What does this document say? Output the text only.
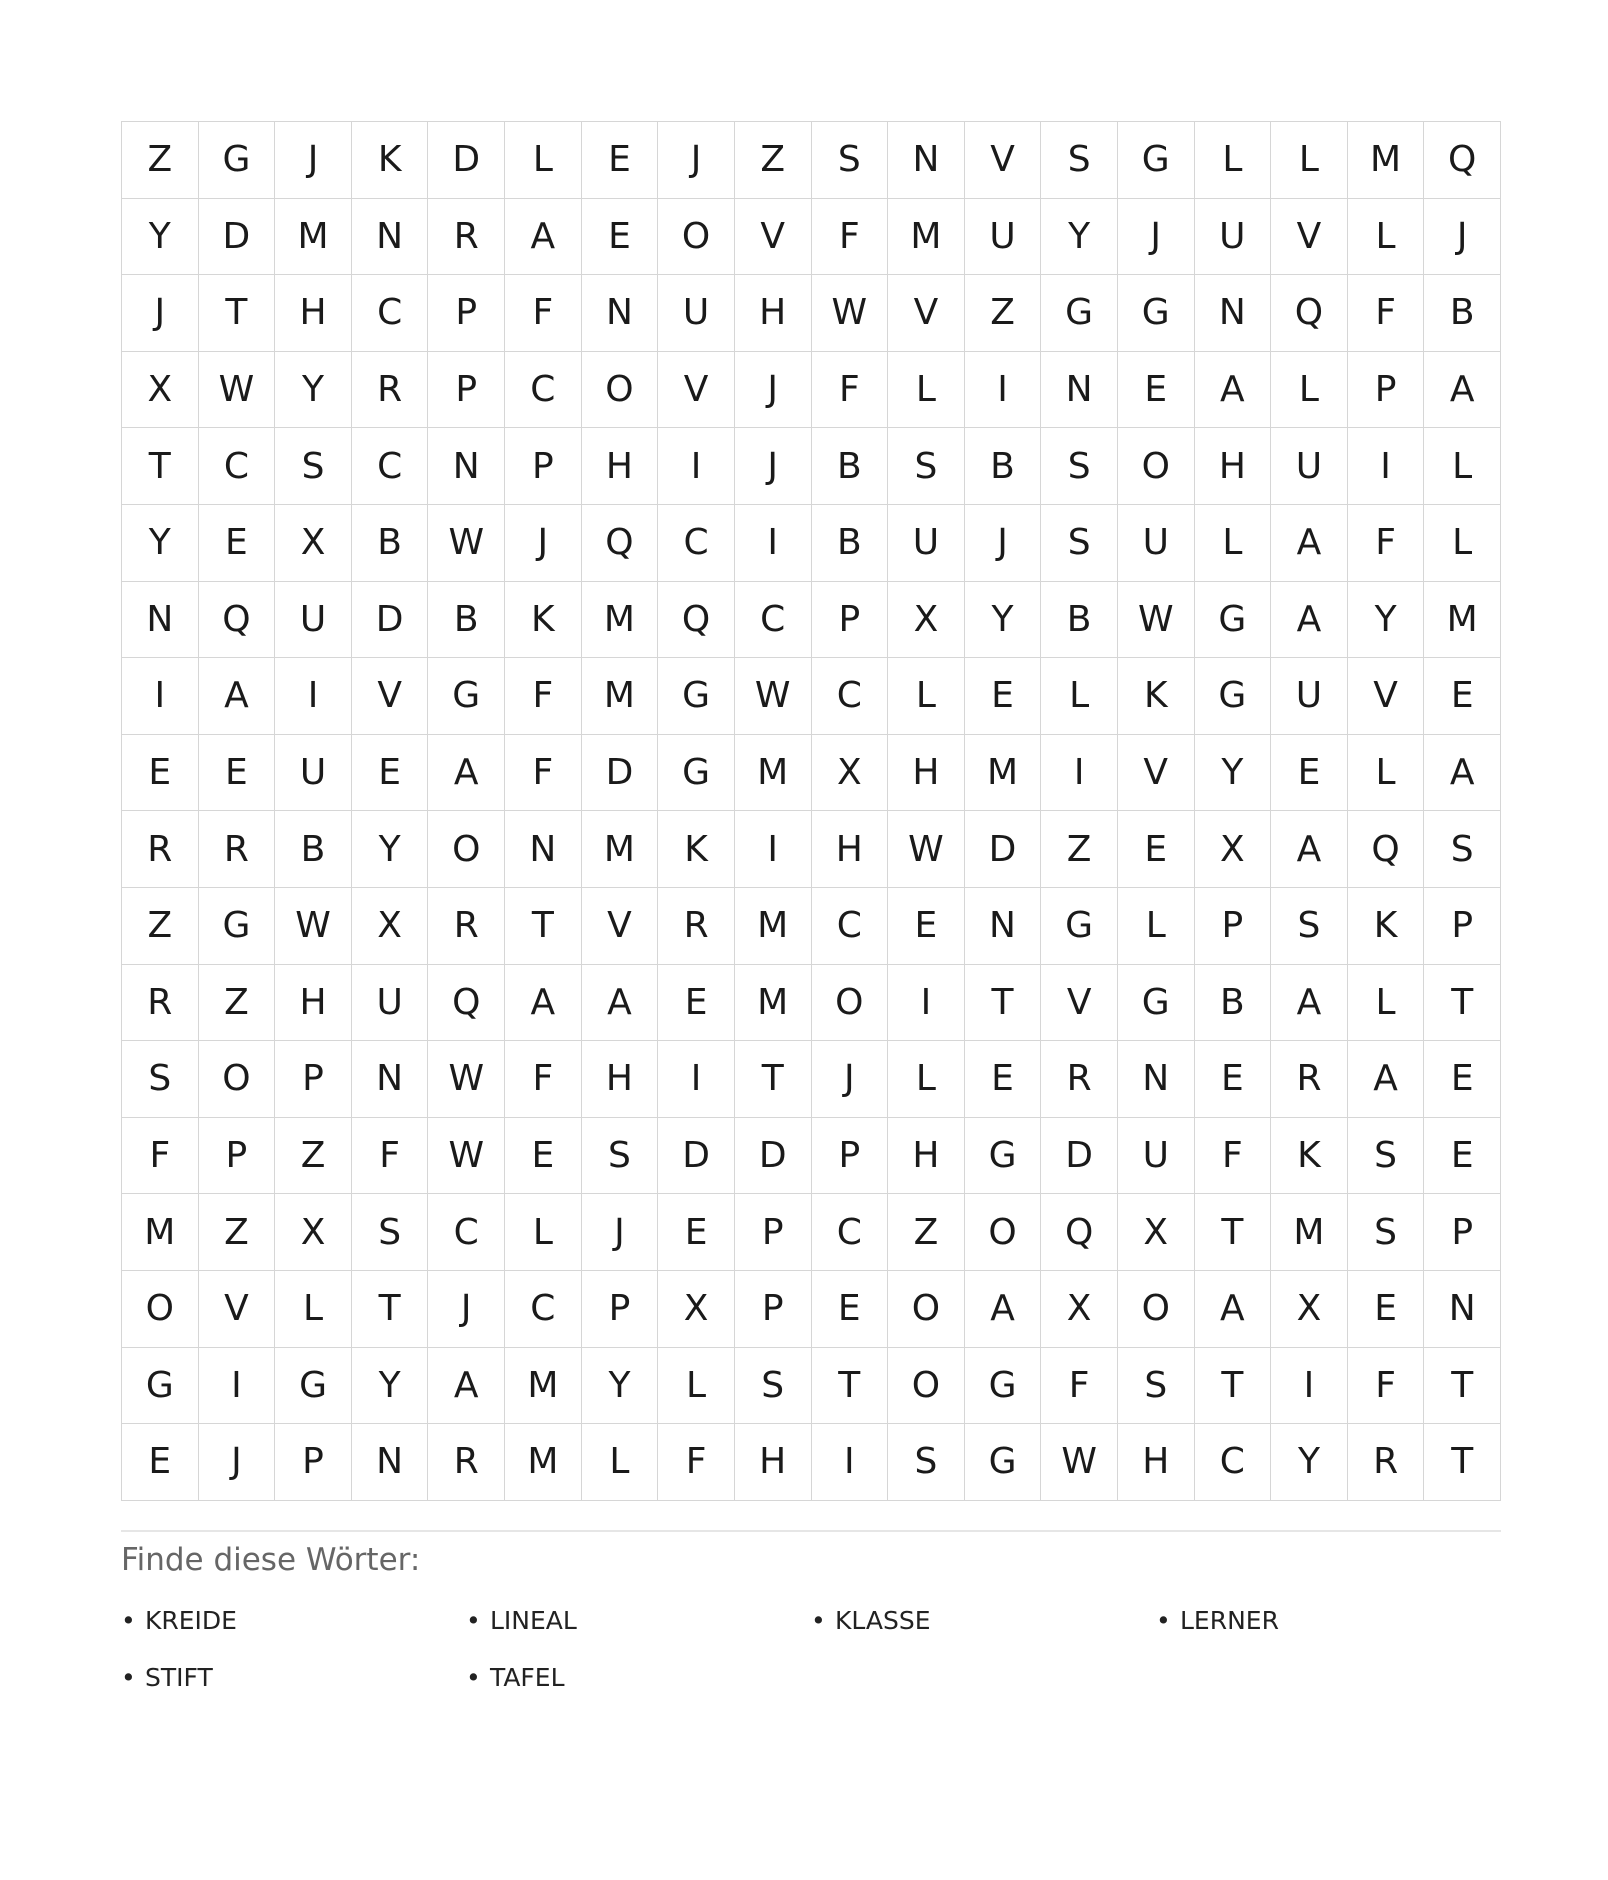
Z	G	J	K	D	L	E	J	Z	S	N	V	S	G	L	L	M	Q
Y	D	M	N	R	A	E	O	V	F	M	U	Y	J	U	V	L	J
J	T	H	C	P	F	N	U	H	W	V	Z	G	G	N	Q	F	B
X	W	Y	R	P	C	O	V	J	F	L	I	N	E	A	L	P	A
T	C	S	C	N	P	H	I	J	B	S	B	S	O	H	U	I	L
Y	E	X	B	W	J	Q	C	I	B	U	J	S	U	L	A	F	L
N	Q	U	D	B	K	M	Q	C	P	X	Y	B	W	G	A	Y	M
I	A	I	V	G	F	M	G	W	C	L	E	L	K	G	U	V	E
E	E	U	E	A	F	D	G	M	X	H	M	I	V	Y	E	L	A
R	R	B	Y	O	N	M	K	I	H	W	D	Z	E	X	A	Q	S
Z	G	W	X	R	T	V	R	M	C	E	N	G	L	P	S	K	P
R	Z	H	U	Q	A	A	E	M	O	I	T	V	G	B	A	L	T
S	O	P	N	W	F	H	I	T	J	L	E	R	N	E	R	A	E
F	P	Z	F	W	E	S	D	D	P	H	G	D	U	F	K	S	E
M	Z	X	S	C	L	J	E	P	C	Z	O	Q	X	T	M	S	P
O	V	L	T	J	C	P	X	P	E	O	A	X	O	A	X	E	N
G	I	G	Y	A	M	Y	L	S	T	O	G	F	S	T	I	F	T
E	J	P	N	R	M	L	F	H	I	S	G	W	H	C	Y	R	T
Finde diese Wörter:
• KREIDE	• LINEAL	• KLASSE	• LERNER
• STIFT	• TAFEL
